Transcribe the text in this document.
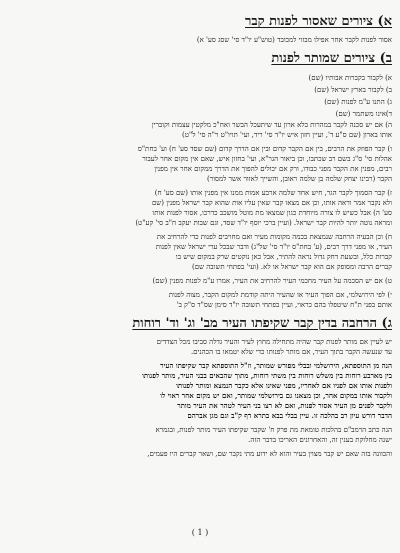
א) ציורים שאסור לפנות קבר

אסור לפנות לקבר אחר אפילו מבזוי למכובד (טוש"ע יו"ד סי' שסג סע' א)

ב) ציורים שמותר לפנות

א) לקבור בקברות אבותיו (שם)

ב) לקבור בארץ ישראל (שם)

ג) התנו ע"מ לפנות (שם)

ד)אינו משתמר (שם)

ה) אם יש סכנה לקבר במהרות בלא ארון עד שיתעכל הבשר ואח"כ מלקטין עצמות וקוברין

אותו בארון (שם ס"ע ד', ועיין חזון איש יו"ד סי' ריד, ועי' תויו"ט ר"ה סי' ל"ט)

ו) קבר הפוזק את הרבים, בין אם הקבר קדום ובין אם הדרך קדום (שם שסד סע' ח) וע' בחת"ס

אהלות סי' ס"ג בשם רב שכתבו, וכן ביאור הגר"א, ועי' בחזון איש, שאם אין מקום אחר לעבור

רבים, מפנין את הקבר מפני כבודו, ורק אם יכולים להפוך את הדרך ממקום אחר אין מפנין

הקבר (רבינו יצחק שלמה בן שלמה ראובן, והשייך לאזור אשר למסור)

ז) קבר הסמוך לקבר הגר, חיש אחד שלמה ארבע אמות ממנו אין מפנין אותו (שם סע' ח)

ולא נקבר אמר וראה אותו, וכן אם מצאו קבר שאין עליו אות שהוא קבר ישראל מפנין (שם

סע' ה) אבל כשיש לו צורה מיוחדת כגון שמצאו מת מוטל מושכב כדרכו, אסור לפנות אותו

ומראה נוטה יותר להיות קבר ישראל. (ועיין ברכי יוסף יו"ד שסד, וגם שבות יעקב ח"ב סי' קע"ט)

ח) וכן הבעיה הרחבה שנמצאת בכמה מקומות מעיר ואם מחויבים לפנות כדי להרחיב את

העיר, או מפני דרך רבים, (ע' בחת"ס יו"ד סי' של"ג) ודבר שבכל ערי ישראל שאין לפנות

קברות כלל, ובשעת דחק גדול נראה להתיר, אבל כאן נוקטים שרק במקום שיש בו

קברים הרבה ומסופק אם הוא קבר ישראל או לא. (ועי' בפתחי תשובה שם)

ט) אם יש הסכמה על העיר מחכמי העיר להרחיב את העיר, אמרו ע"מ לפנות מפנין (שם)

י) לפי הירושלמי, אם הפוך העיר או שהעיר היתה קודמת למקום הקבר, מצוה לפנות

אותם בפני ת"ח שיטפלו בהם כראוי, ועיין בפתחי תשובה יו"ד סימן שס"ד ס"ק ב'

ג) הרחבה בדין קבר שקיפתו העיר מב' וג' וד' רוחות

יש לעיין אם מותר לפנות קבר שהיה מתחילה מחוץ לעיר והעיר גדלה סביבו מכל הצדדים

עד שנעשה הקבר בתוך העיר, אם מותר לפנותו כדי שלא יטמאו בו הכהנים.

הנה מן התוספתא, הירושלמי ובבלי מפורש שמותר, וז"ל התוספתא קבר שקיפתו העיר

בין מארבע רוחות בין משלש רוחות בין משתי רוחות, מתוך שהבאים בבני העיר, מותר לפנותו

ולפנות אותו אם לפניו אם לאחריו, מפני שאינו אלא כקבר הנמצא ומותר לפנותו

ולקבור אותו במקום אחר, וכן מצאנו גם בירושלמי שמותר, ואם יש מקום אחר ראוי לו

ולקבר לפנים מן העיר אסור לפנות, ואם לא רצו בני העיר לטהר את העיר מותר

הדבר דורש עיון רב בהלכה זו. עיין בבלי בבא בתרא דף ק"ב וגם מגן אברהם

הנה כתב הרמב"ם בהלכות טומאת מת פרק ח' שקבר שקיפתו העיר מותר לפנות, ובגמרא

ישנה מחלוקת בענין זה, והאחרונים האריכו בדבר הזה.

והכוונה בזה שאם יש קבר מצוין בעיר והוא לא ידוע מתי נקבר שם, ושאר קברים היו פעמים,

( 1 )
